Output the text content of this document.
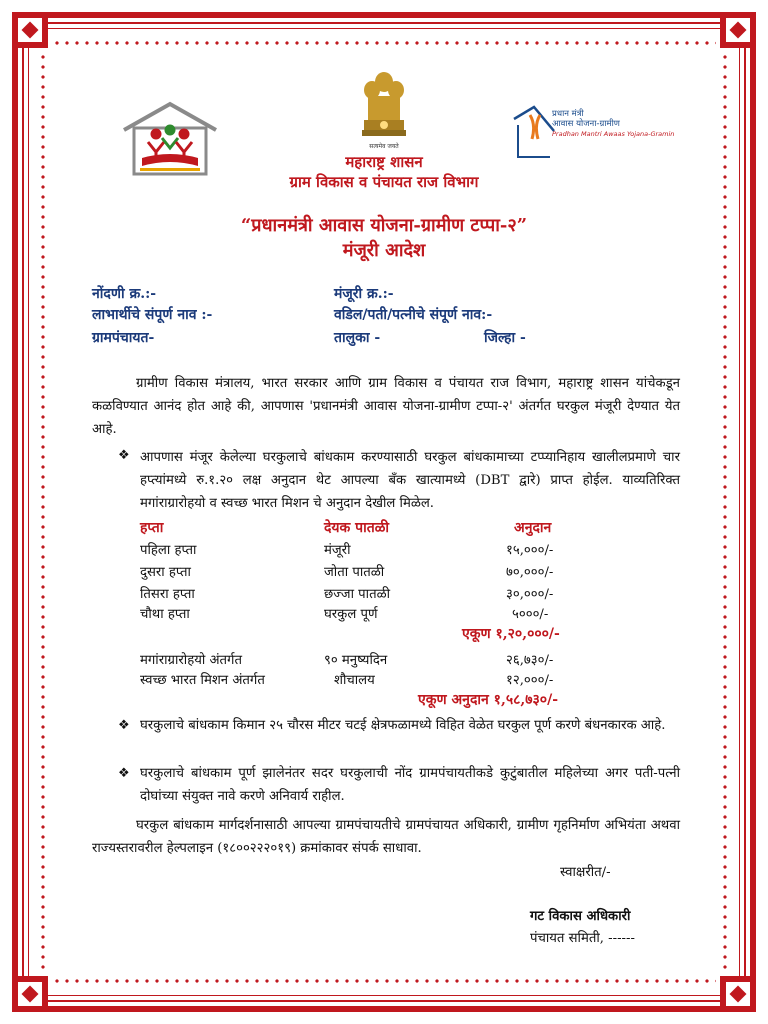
सत्यमेव जयते
प्रधान मंत्री
आवास योजना-ग्रामीण
Pradhan Mantri Awaas Yojana-Gramin
महाराष्ट्र शासन
ग्राम विकास व पंचायत राज विभाग
“प्रधानमंत्री आवास योजना-ग्रामीण टप्पा-२”
मंजूरी आदेश
नोंदणी क्र.:-	मंजूरी क्र.:-
लाभार्थीचे संपूर्ण नाव :-	वडिल/पती/पत्नीचे संपूर्ण नाव:-
ग्रामपंचायत-	तालुका -	जिल्हा -
ग्रामीण विकास मंत्रालय, भारत सरकार आणि ग्राम विकास व पंचायत राज विभाग, महाराष्ट्र शासन यांचेकडून कळविण्यात आनंद होत आहे की, आपणास 'प्रधानमंत्री आवास योजना-ग्रामीण टप्पा-२' अंतर्गत घरकुल मंजूरी देण्यात येत आहे.
❖ आपणास मंजूर केलेल्या घरकुलाचे बांधकाम करण्यासाठी घरकुल बांधकामाच्या टप्प्यानिहाय खालीलप्रमाणे चार हप्त्यांमध्ये रु.१.२० लक्ष अनुदान थेट आपल्या बँक खात्यामध्ये (DBT द्वारे) प्राप्त होईल. याव्यतिरिक्त मगांराग्रारोहयो व स्वच्छ भारत मिशन चे अनुदान देखील मिळेल.
हप्ता	देयक पातळी	अनुदान
पहिला हप्ता	मंजूरी	१५,०००/-
दुसरा हप्ता	जोता पातळी	७०,०००/-
तिसरा हप्ता	छज्जा पातळी	३०,०००/-
चौथा हप्ता	घरकुल पूर्ण	५०००/-
एकूण १,२०,०००/-
मगांराग्रारोहयो अंतर्गत	९० मनुष्यदिन	२६,७३०/-
स्वच्छ भारत मिशन अंतर्गत	शौचालय	१२,०००/-
एकूण अनुदान १,५८,७३०/-
❖ घरकुलाचे बांधकाम किमान २५ चौरस मीटर चटई क्षेत्रफळामध्ये विहित वेळेत घरकुल पूर्ण करणे बंधनकारक आहे.
❖ घरकुलाचे बांधकाम पूर्ण झालेनंतर सदर घरकुलाची नोंद ग्रामपंचायतीकडे कुटुंबातील महिलेच्या अगर पती-पत्नी दोघांच्या संयुक्त नावे करणे अनिवार्य राहील.
घरकुल बांधकाम मार्गदर्शनासाठी आपल्या ग्रामपंचायतीचे ग्रामपंचायत अधिकारी, ग्रामीण गृहनिर्माण अभियंता अथवा राज्यस्तरावरील हेल्पलाइन (१८००२२२०१९) क्रमांकावर संपर्क साधावा.
स्वाक्षरीत/-
गट विकास अधिकारी
पंचायत समिती, ------
